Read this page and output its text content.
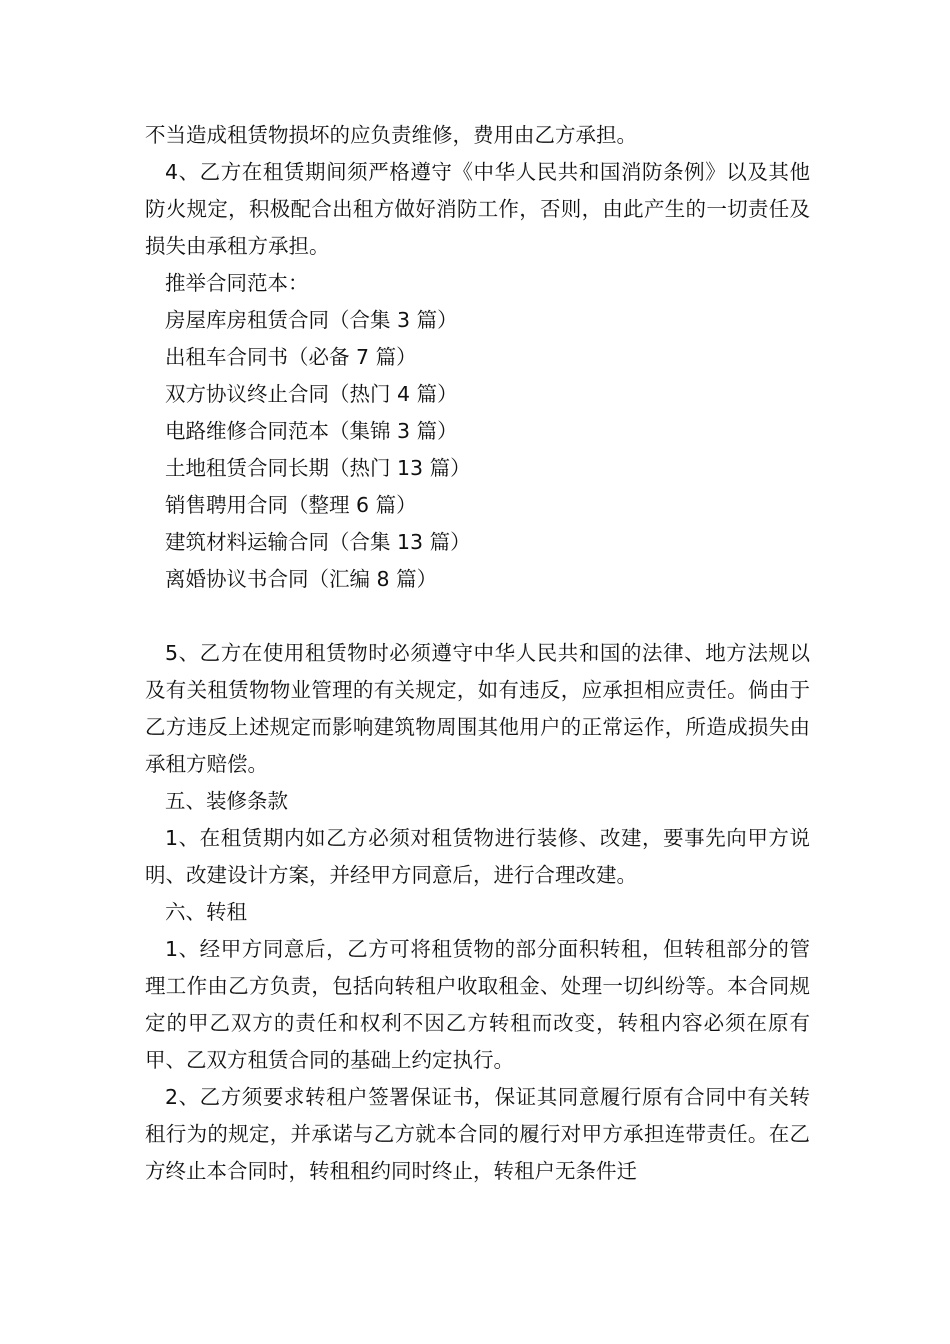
不当造成租赁物损坏的应负责维修，费用由乙方承担。

4、乙方在租赁期间须严格遵守《中华人民共和国消防条例》以及其他防火规定，积极配合出租方做好消防工作，否则，由此产生的一切责任及损失由承租方承担。

推举合同范本：

房屋库房租赁合同（合集 3 篇）

出租车合同书（必备 7 篇）

双方协议终止合同（热门 4 篇）

电路维修合同范本（集锦 3 篇）

土地租赁合同长期（热门 13 篇）

销售聘用合同（整理 6 篇）

建筑材料运输合同（合集 13 篇）

离婚协议书合同（汇编 8 篇）

5、乙方在使用租赁物时必须遵守中华人民共和国的法律、地方法规以及有关租赁物物业管理的有关规定，如有违反，应承担相应责任。倘由于乙方违反上述规定而影响建筑物周围其他用户的正常运作，所造成损失由承租方赔偿。

五、装修条款

1、在租赁期内如乙方必须对租赁物进行装修、改建，要事先向甲方说明、改建设计方案，并经甲方同意后，进行合理改建。

六、转租

1、经甲方同意后，乙方可将租赁物的部分面积转租，但转租部分的管理工作由乙方负责，包括向转租户收取租金、处理一切纠纷等。本合同规定的甲乙双方的责任和权利不因乙方转租而改变，转租内容必须在原有甲、乙双方租赁合同的基础上约定执行。

2、乙方须要求转租户签署保证书，保证其同意履行原有合同中有关转租行为的规定，并承诺与乙方就本合同的履行对甲方承担连带责任。在乙方终止本合同时，转租租约同时终止，转租户无条件迁
